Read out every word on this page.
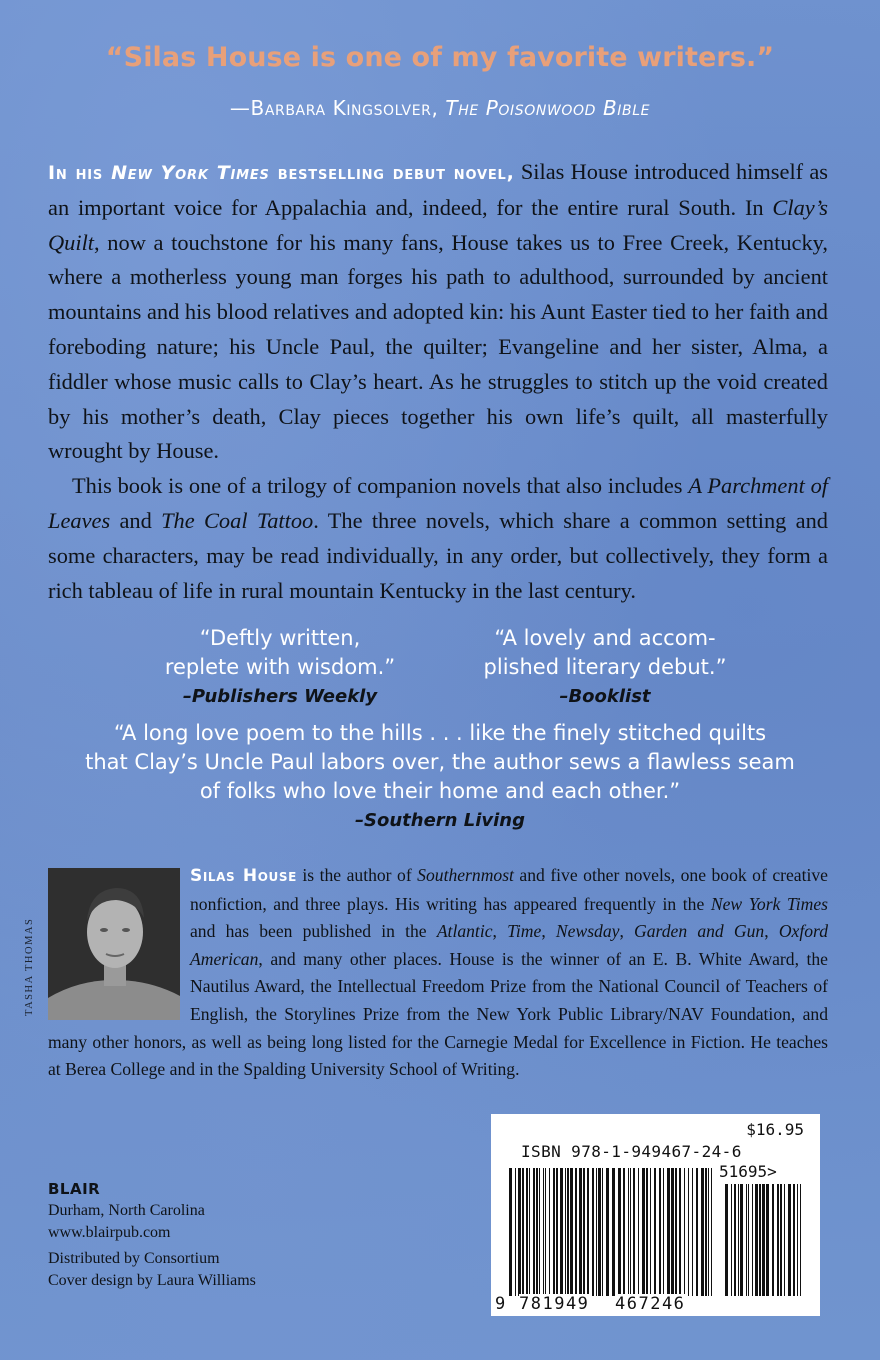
“Silas House is one of my favorite writers.”
—Barbara Kingsolver, The Poisonwood Bible

In his New York Times bestselling debut novel, Silas House introduced himself as an important voice for Appalachia and, indeed, for the entire rural South. In Clay’s Quilt, now a touchstone for his many fans, House takes us to Free Creek, Kentucky, where a motherless young man forges his path to adulthood, surrounded by ancient mountains and his blood relatives and adopted kin: his Aunt Easter tied to her faith and foreboding nature; his Uncle Paul, the quilter; Evangeline and her sister, Alma, a fiddler whose music calls to Clay’s heart. As he struggles to stitch up the void created by his mother’s death, Clay pieces together his own life’s quilt, all masterfully wrought by House.

This book is one of a trilogy of companion novels that also includes A Parchment of Leaves and The Coal Tattoo. The three novels, which share a common setting and some characters, may be read individually, in any order, but collectively, they form a rich tableau of life in rural mountain Kentucky in the last century.

“Deftly written,
replete with wisdom.”
–Publishers Weekly
“A lovely and accom-
plished literary debut.”
–Booklist
“A long love poem to the hills . . . like the finely stitched quilts
that Clay’s Uncle Paul labors over, the author sews a flawless seam
of folks who love their home and each other.”
–Southern Living
TASHA THOMAS
Silas House is the author of Southernmost and five other novels, one book of creative nonfiction, and three plays. His writing has appeared frequently in the New York Times and has been published in the Atlantic, Time, Newsday, Garden and Gun, Oxford American, and many other places. House is the winner of an E. B. White Award, the Nautilus Award, the Intellectual Freedom Prize from the National Council of Teachers of English, the Storylines Prize from the New York Public Library/NAV Foundation, and many other honors, as well as being long listed for the Carnegie Medal for Excellence in Fiction. He teaches at Berea College and in the Spalding University School of Writing.
BLAIR
Durham, North Carolina
www.blairpub.com
Distributed by Consortium
Cover design by Laura Williams
$16.95
ISBN 978-1-949467-24-6
51695>
9 781949 467246
